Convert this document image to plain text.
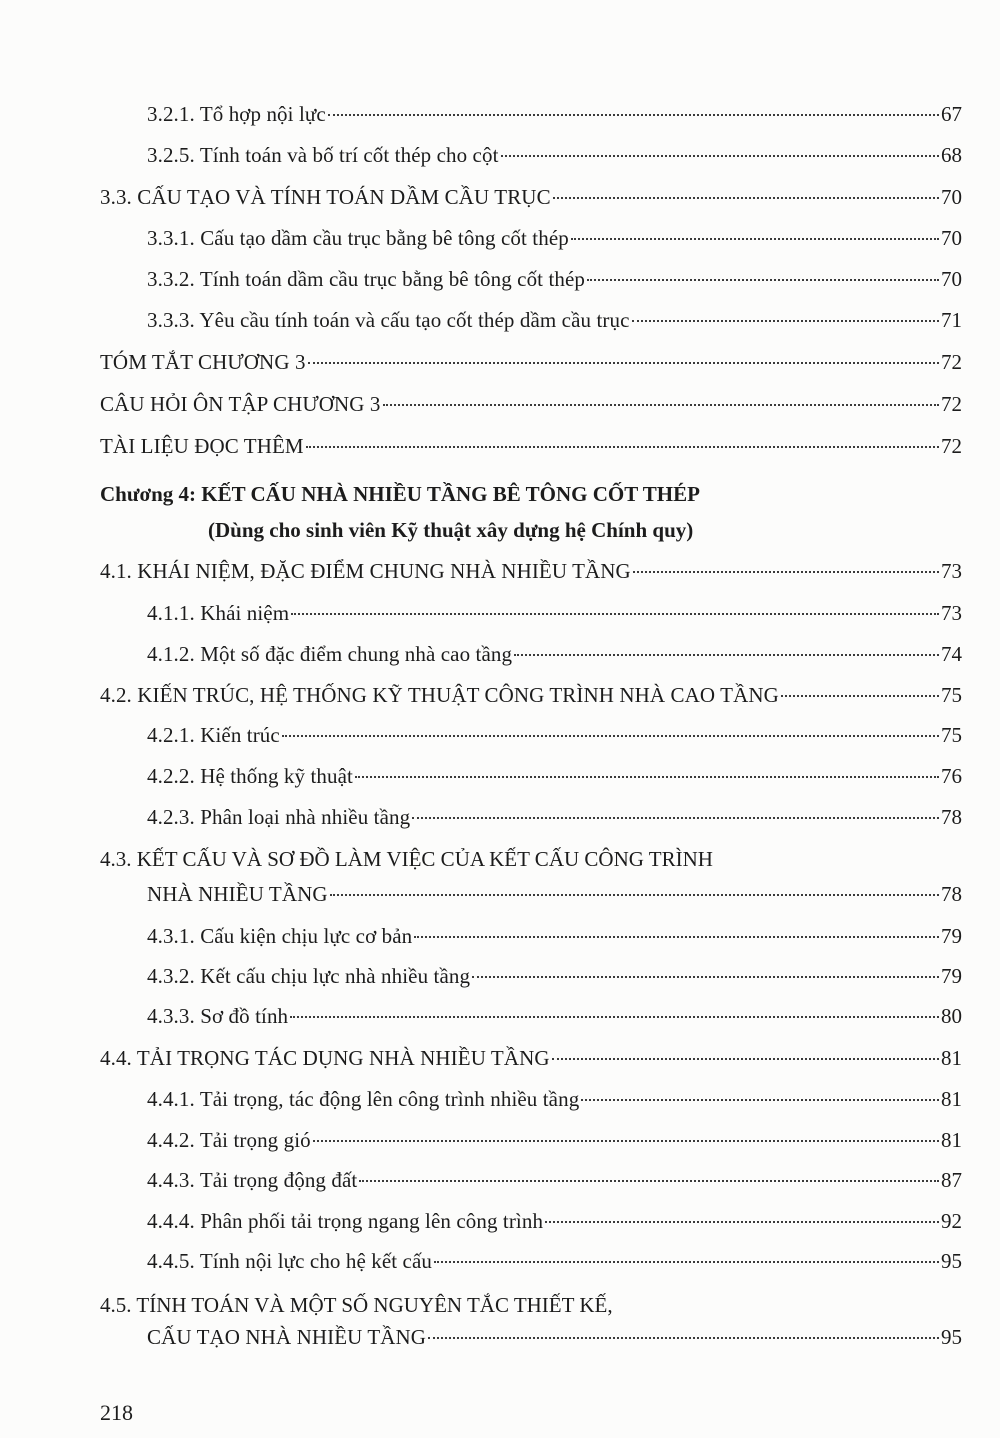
3.2.1. Tổ hợp nội lực	67
3.2.5. Tính toán và bố trí cốt thép cho cột	68
3.3. CẤU TẠO VÀ TÍNH TOÁN DẦM CẦU TRỤC	70
3.3.1. Cấu tạo dầm cầu trục bằng bê tông cốt thép	70
3.3.2. Tính toán dầm cầu trục bằng bê tông cốt thép	70
3.3.3. Yêu cầu tính toán và cấu tạo cốt thép dầm cầu trục	71
TÓM TẮT CHƯƠNG 3	72
CÂU HỎI ÔN TẬP CHƯƠNG 3	72
TÀI LIỆU ĐỌC THÊM	72
Chương 4: KẾT CẤU NHÀ NHIỀU TẦNG BÊ TÔNG CỐT THÉP
(Dùng cho sinh viên Kỹ thuật xây dựng hệ Chính quy)
4.1. KHÁI NIỆM, ĐẶC ĐIỂM CHUNG NHÀ NHIỀU TẦNG	73
4.1.1. Khái niệm	73
4.1.2. Một số đặc điểm chung nhà cao tầng	74
4.2. KIẾN TRÚC, HỆ THỐNG KỸ THUẬT CÔNG TRÌNH NHÀ CAO TẦNG	75
4.2.1. Kiến trúc	75
4.2.2. Hệ thống kỹ thuật	76
4.2.3. Phân loại nhà nhiều tầng	78
4.3. KẾT CẤU VÀ SƠ ĐỒ LÀM VIỆC CỦA KẾT CẤU CÔNG TRÌNH
NHÀ NHIỀU TẦNG	78
4.3.1. Cấu kiện chịu lực cơ bản	79
4.3.2. Kết cấu chịu lực nhà nhiều tầng	79
4.3.3. Sơ đồ tính	80
4.4. TẢI TRỌNG TÁC DỤNG NHÀ NHIỀU TẦNG	81
4.4.1. Tải trọng, tác động lên công trình nhiều tầng	81
4.4.2. Tải trọng gió	81
4.4.3. Tải trọng động đất	87
4.4.4. Phân phối tải trọng ngang lên công trình	92
4.4.5. Tính nội lực cho hệ kết cấu	95
4.5. TÍNH TOÁN VÀ MỘT SỐ NGUYÊN TẮC THIẾT KẾ,
CẤU TẠO NHÀ NHIỀU TẦNG	95
218
